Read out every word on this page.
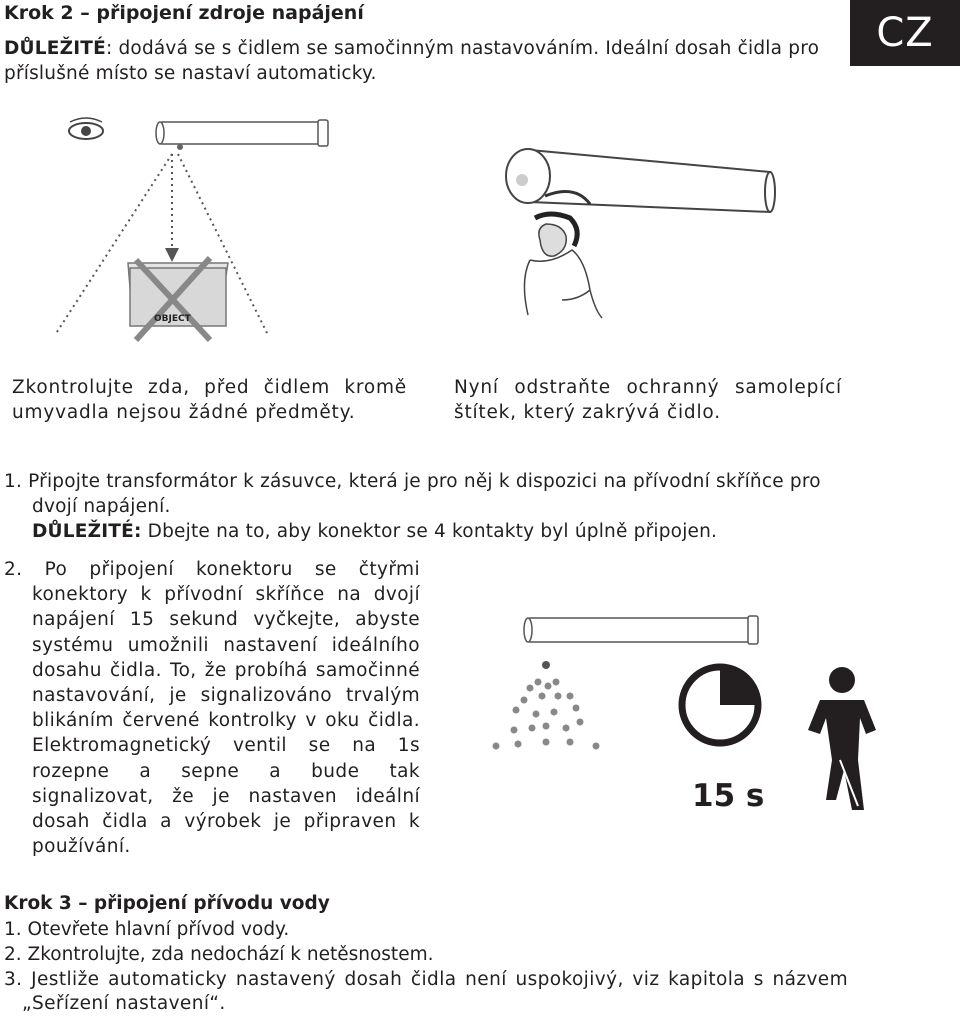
Krok 2 – připojení zdroje napájení	CZ
DŮLEŽITÉ: dodává se s čidlem se samočinným nastavováním. Ideální dosah čidla pro příslušné místo se nastaví automaticky.
OBJECT
Zkontrolujte zda, před čidlem kromě umyvadla nejsou žádné předměty.
Nyní odstraňte ochranný samolepící štítek, který zakrývá čidlo.
1. Připojte transformátor k zásuvce, která je pro něj k dispozici na přívodní skříňce pro dvojí napájení.
DŮLEŽITÉ: Dbejte na to, aby konektor se 4 kontakty byl úplně připojen.
2. Po připojení konektoru se čtyřmi konektory k přívodní skříňce na dvojí napájení 15 sekund vyčkejte, abyste systému umožnili nastavení ideálního dosahu čidla. To, že probíhá samočinné nastavování, je signalizováno trvalým blikáním červené kontrolky v oku čidla. Elektromagnetický ventil se na 1s rozepne a sepne a bude tak signalizovat, že je nastaven ideální dosah čidla a výrobek je připraven k používání.
15 s
Krok 3 – připojení přívodu vody
1. Otevřete hlavní přívod vody.
2. Zkontrolujte, zda nedochází k netěsnostem.
3. Jestliže automaticky nastavený dosah čidla není uspokojivý, viz kapitola s názvem „Seřízení nastavení“.
